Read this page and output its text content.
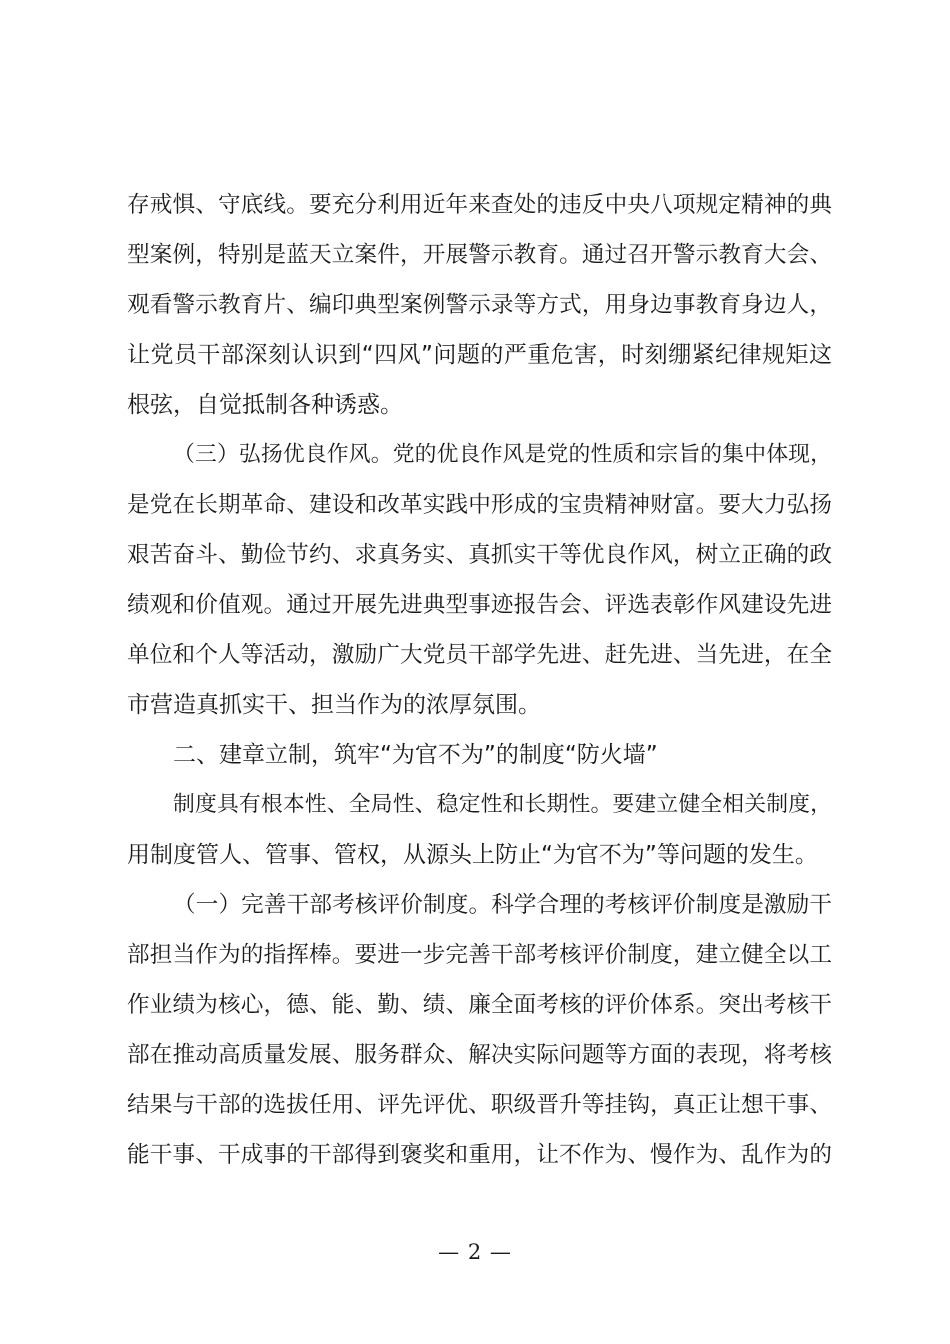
存戒惧、守底线。要充分利用近年来查处的违反中央八项规定精神的典
型案例，特别是蓝天立案件，开展警示教育。通过召开警示教育大会、
观看警示教育片、编印典型案例警示录等方式，用身边事教育身边人，
让党员干部深刻认识到“四风”问题的严重危害，时刻绷紧纪律规矩这
根弦，自觉抵制各种诱惑。
（三）弘扬优良作风。党的优良作风是党的性质和宗旨的集中体现，
是党在长期革命、建设和改革实践中形成的宝贵精神财富。要大力弘扬
艰苦奋斗、勤俭节约、求真务实、真抓实干等优良作风，树立正确的政
绩观和价值观。通过开展先进典型事迹报告会、评选表彰作风建设先进
单位和个人等活动，激励广大党员干部学先进、赶先进、当先进，在全
市营造真抓实干、担当作为的浓厚氛围。
二、建章立制，筑牢“为官不为”的制度“防火墙”
制度具有根本性、全局性、稳定性和长期性。要建立健全相关制度，
用制度管人、管事、管权，从源头上防止“为官不为”等问题的发生。
（一）完善干部考核评价制度。科学合理的考核评价制度是激励干
部担当作为的指挥棒。要进一步完善干部考核评价制度，建立健全以工
作业绩为核心，德、能、勤、绩、廉全面考核的评价体系。突出考核干
部在推动高质量发展、服务群众、解决实际问题等方面的表现，将考核
结果与干部的选拔任用、评先评优、职级晋升等挂钩，真正让想干事、
能干事、干成事的干部得到褒奖和重用，让不作为、慢作为、乱作为的
— 2 —
